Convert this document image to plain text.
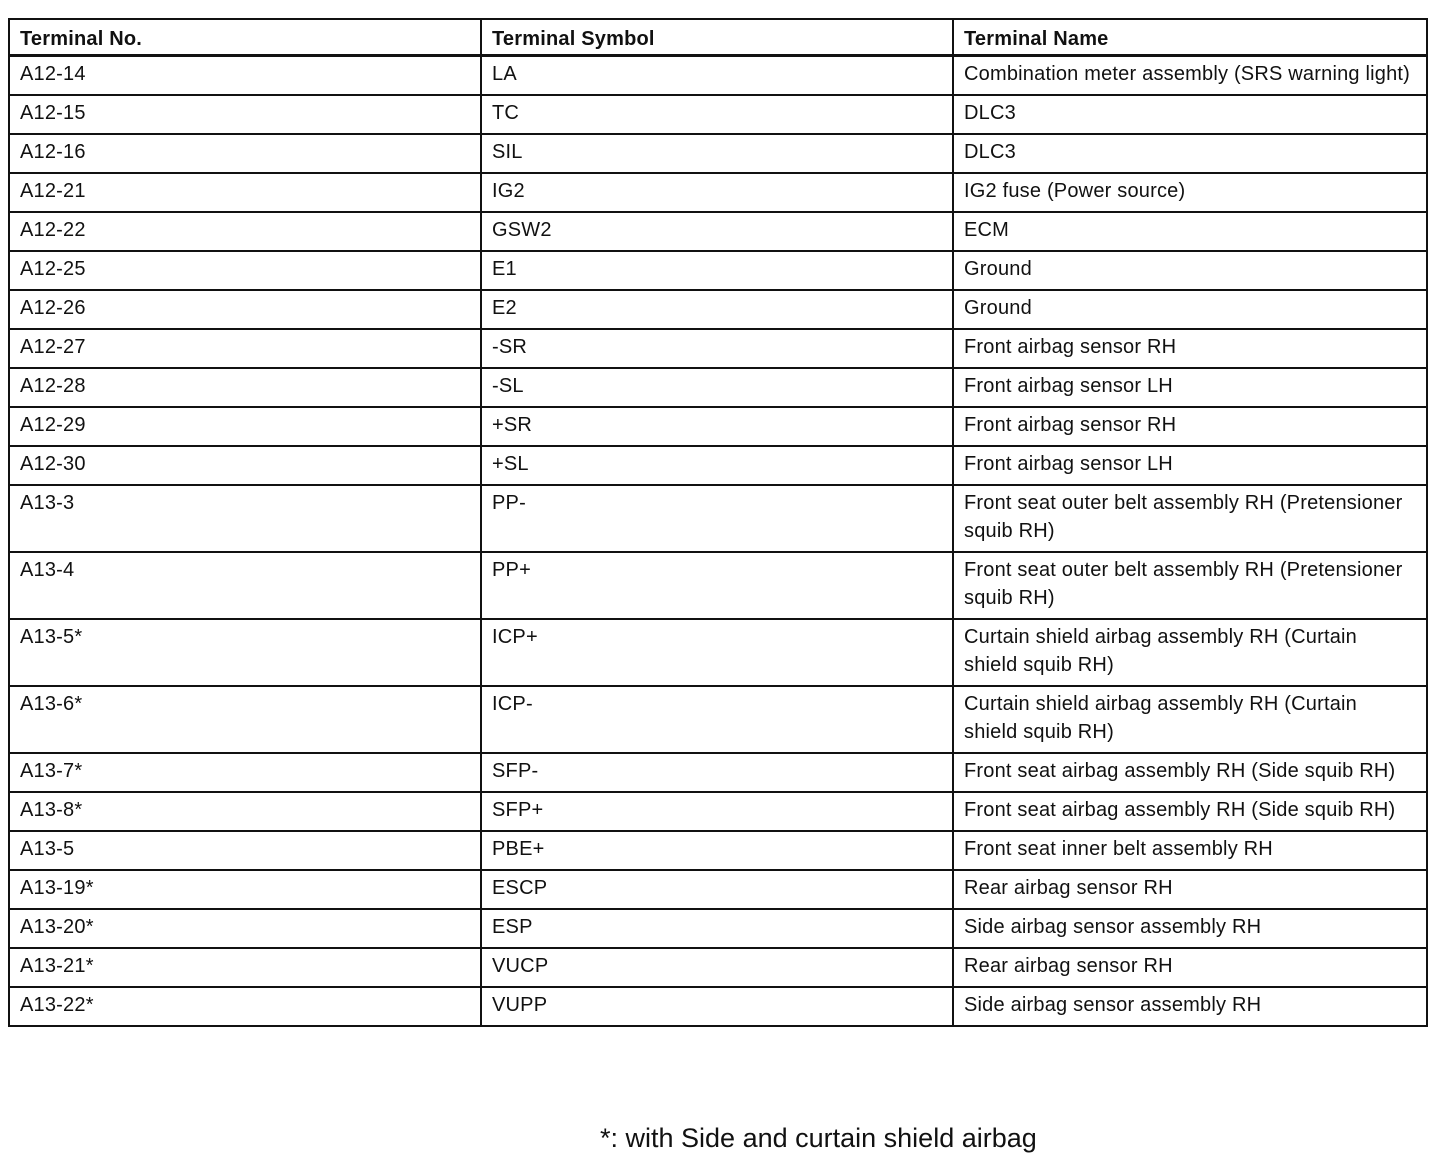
Terminal No.	Terminal Symbol	Terminal Name
A12-14	LA	Combination meter assembly (SRS warning light)
A12-15	TC	DLC3
A12-16	SIL	DLC3
A12-21	IG2	IG2 fuse (Power source)
A12-22	GSW2	ECM
A12-25	E1	Ground
A12-26	E2	Ground
A12-27	-SR	Front airbag sensor RH
A12-28	-SL	Front airbag sensor LH
A12-29	+SR	Front airbag sensor RH
A12-30	+SL	Front airbag sensor LH
A13-3	PP-	Front seat outer belt assembly RH (Pretensioner squib RH)
A13-4	PP+	Front seat outer belt assembly RH (Pretensioner squib RH)
A13-5*	ICP+	Curtain shield airbag assembly RH (Curtain shield squib RH)
A13-6*	ICP-	Curtain shield airbag assembly RH (Curtain shield squib RH)
A13-7*	SFP-	Front seat airbag assembly RH (Side squib RH)
A13-8*	SFP+	Front seat airbag assembly RH (Side squib RH)
A13-5	PBE+	Front seat inner belt assembly RH
A13-19*	ESCP	Rear airbag sensor RH
A13-20*	ESP	Side airbag sensor assembly RH
A13-21*	VUCP	Rear airbag sensor RH
A13-22*	VUPP	Side airbag sensor assembly RH
*: with Side and curtain shield airbag
